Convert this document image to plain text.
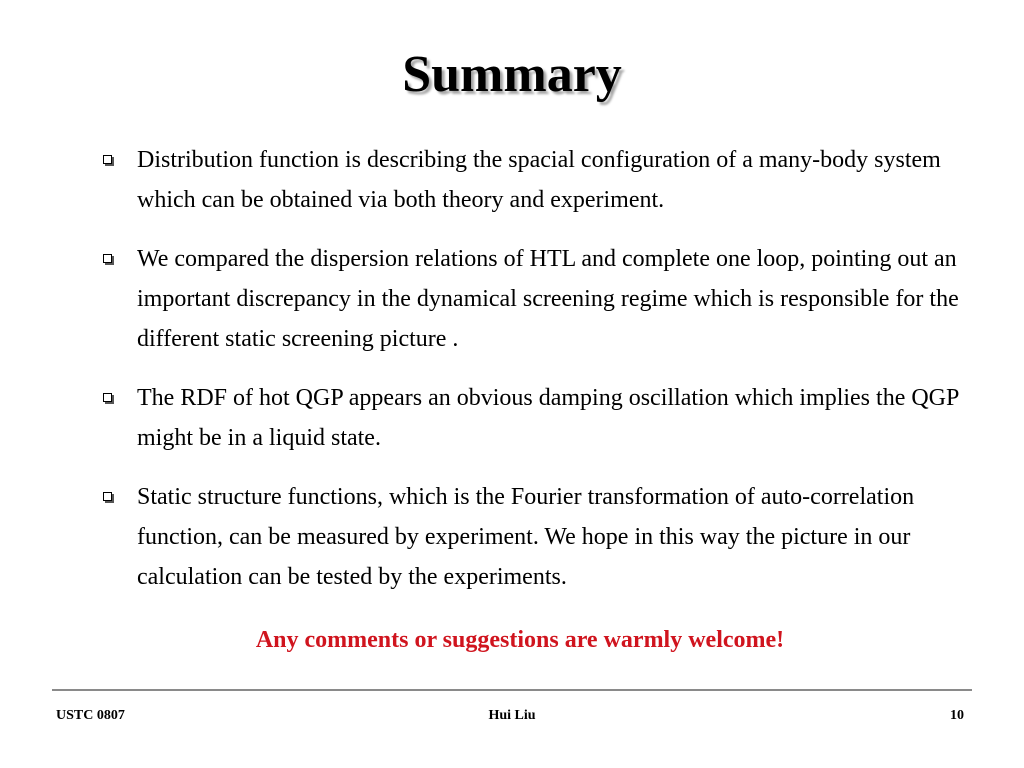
Summary
Distribution function is describing the spacial configuration of a many-body system which can be obtained via both theory and experiment.
We compared the dispersion relations of HTL and complete one loop, pointing out an important discrepancy in the dynamical screening regime which is responsible for the different static screening picture .
The RDF of hot QGP appears an obvious damping oscillation which implies the QGP might be in a liquid state.
Static structure functions, which is the Fourier transformation of auto-correlation function, can be measured by experiment. We hope in this way the picture in our calculation can be tested by the experiments.
Any comments or suggestions are warmly welcome!
USTC 0807	Hui Liu	10
